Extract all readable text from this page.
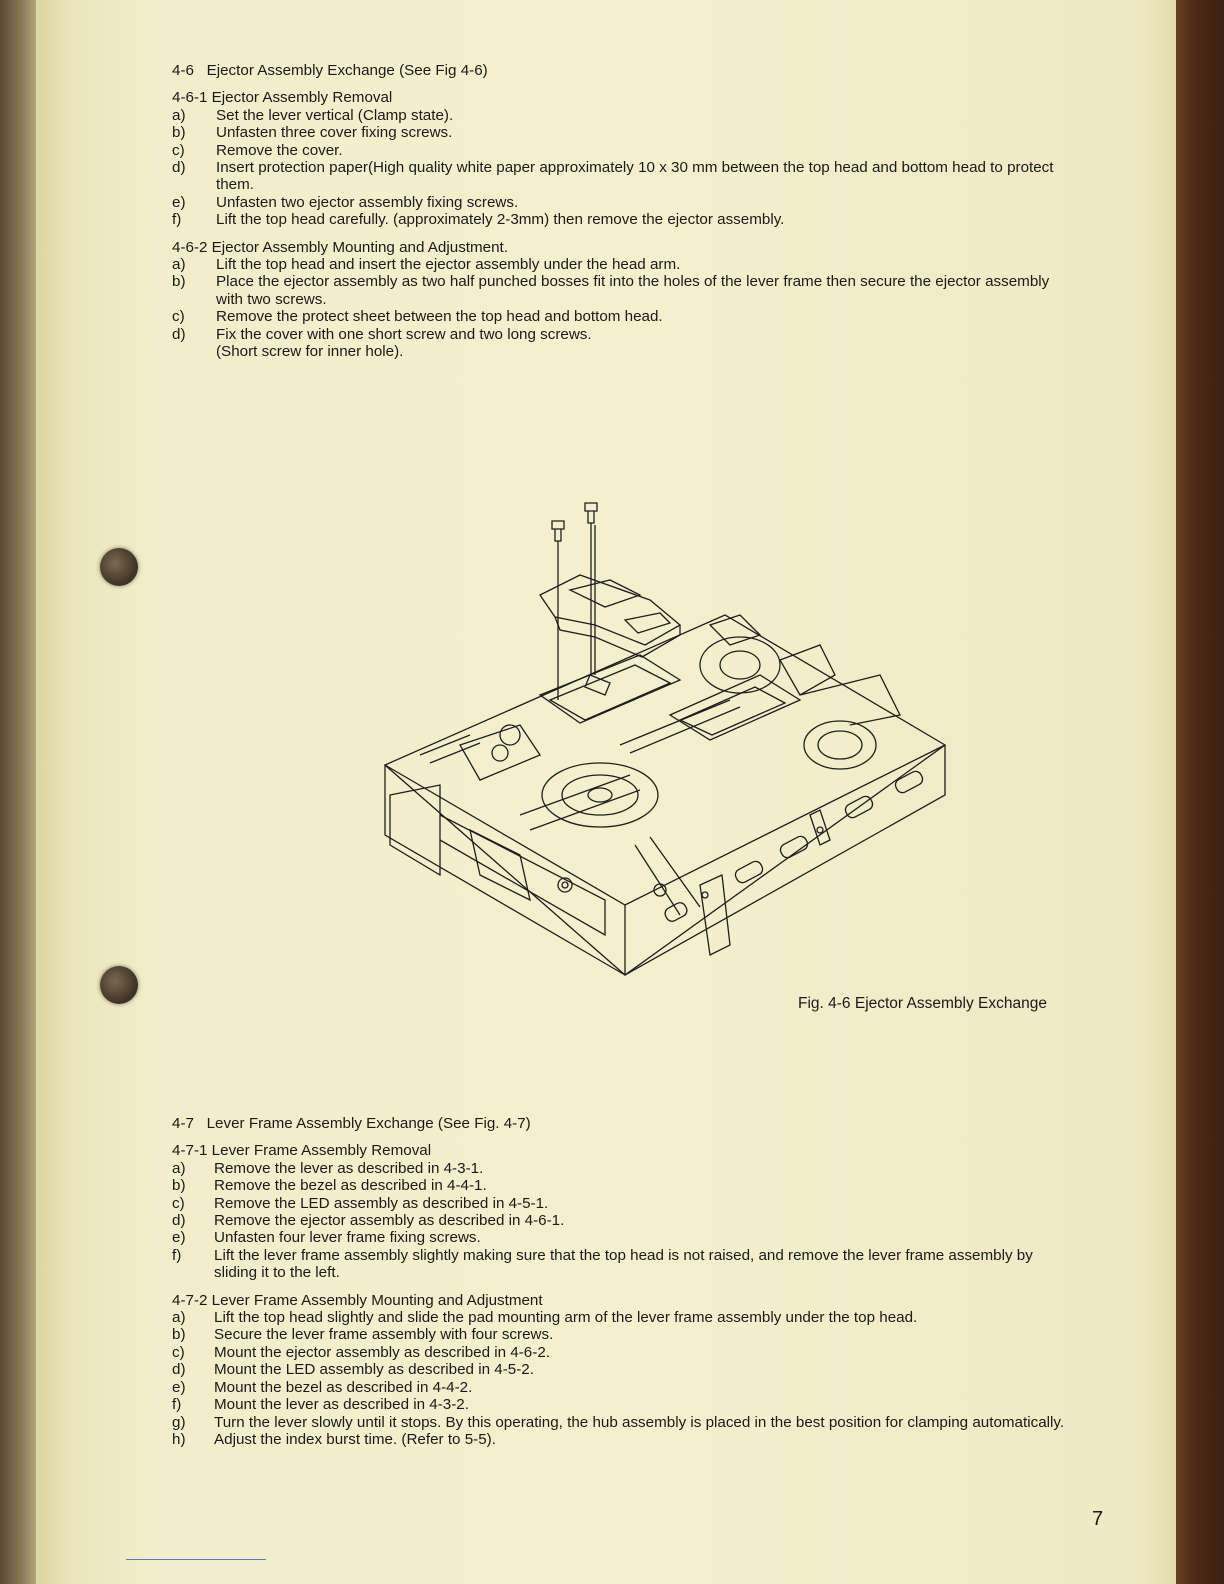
4-6   Ejector Assembly Exchange (See Fig 4-6)
4-6-1 Ejector Assembly Removal
a)	Set the lever vertical (Clamp state).
b)	Unfasten three cover fixing screws.
c)	Remove the cover.
d)	Insert protection paper(High quality white paper approximately 10 x 30 mm between the top head and bottom head to protect them.
e)	Unfasten two ejector assembly fixing screws.
f)	Lift the top head carefully. (approximately 2-3mm) then remove the ejector assembly.
4-6-2 Ejector Assembly Mounting and Adjustment.
a)	Lift the top head and insert the ejector assembly under the head arm.
b)	Place the ejector assembly as two half punched bosses fit into the holes of the lever frame then secure the ejector assembly with two screws.
c)	Remove the protect sheet between the top head and bottom head.
d)	Fix the cover with one short screw and two long screws.
(Short screw for inner hole).
Fig. 4-6 Ejector Assembly Exchange
4-7   Lever Frame Assembly Exchange (See Fig. 4-7)
4-7-1 Lever Frame Assembly Removal
a)	Remove the lever as described in 4-3-1.
b)	Remove the bezel as described in 4-4-1.
c)	Remove the LED assembly as described in 4-5-1.
d)	Remove the ejector assembly as described in 4-6-1.
e)	Unfasten four lever frame fixing screws.
f)	Lift the lever frame assembly slightly making sure that the top head is not raised, and remove the lever frame assembly by sliding it to the left.
4-7-2 Lever Frame Assembly Mounting and Adjustment
a)	Lift the top head slightly and slide the pad mounting arm of the lever frame assembly under the top head.
b)	Secure the lever frame assembly with four screws.
c)	Mount the ejector assembly as described in 4-6-2.
d)	Mount the LED assembly as described in 4-5-2.
e)	Mount the bezel as described in 4-4-2.
f)	Mount the lever as described in 4-3-2.
g)	Turn the lever slowly until it stops. By this operating, the hub assembly is placed in the best position for clamping automatically.
h)	Adjust the index burst time. (Refer to 5-5).
7
